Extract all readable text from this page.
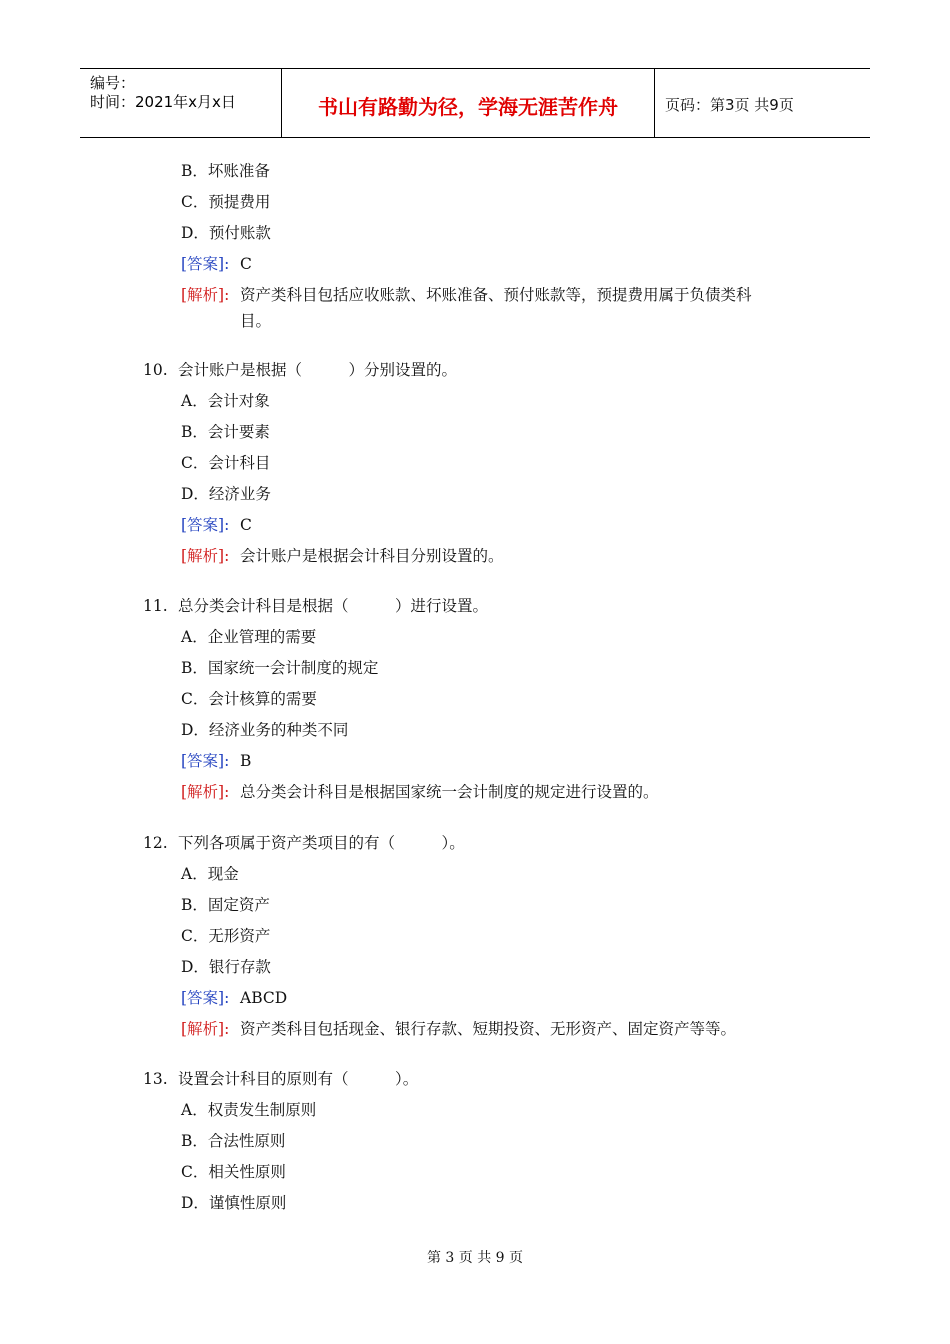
编号：
时间：2021年x月x日	书山有路勤为径，学海无涯苦作舟	页码：第3页 共9页
B．坏账准备
C．预提费用
D．预付账款
[答案]: C
[解析]: 资产类科目包括应收账款、坏账准备、预付账款等，预提费用属于负债类科
目。
10. 会计账户是根据（　　　）分别设置的。
A．会计对象
B．会计要素
C．会计科目
D．经济业务
[答案]: C
[解析]: 会计账户是根据会计科目分别设置的。
11. 总分类会计科目是根据（　　　）进行设置。
A．企业管理的需要
B．国家统一会计制度的规定
C．会计核算的需要
D．经济业务的种类不同
[答案]: B
[解析]: 总分类会计科目是根据国家统一会计制度的规定进行设置的。
12. 下列各项属于资产类项目的有（　　　）。
A．现金
B．固定资产
C．无形资产
D．银行存款
[答案]: ABCD
[解析]: 资产类科目包括现金、银行存款、短期投资、无形资产、固定资产等等。
13. 设置会计科目的原则有（　　　）。
A．权责发生制原则
B．合法性原则
C．相关性原则
D．谨慎性原则
第 3 页 共 9 页
